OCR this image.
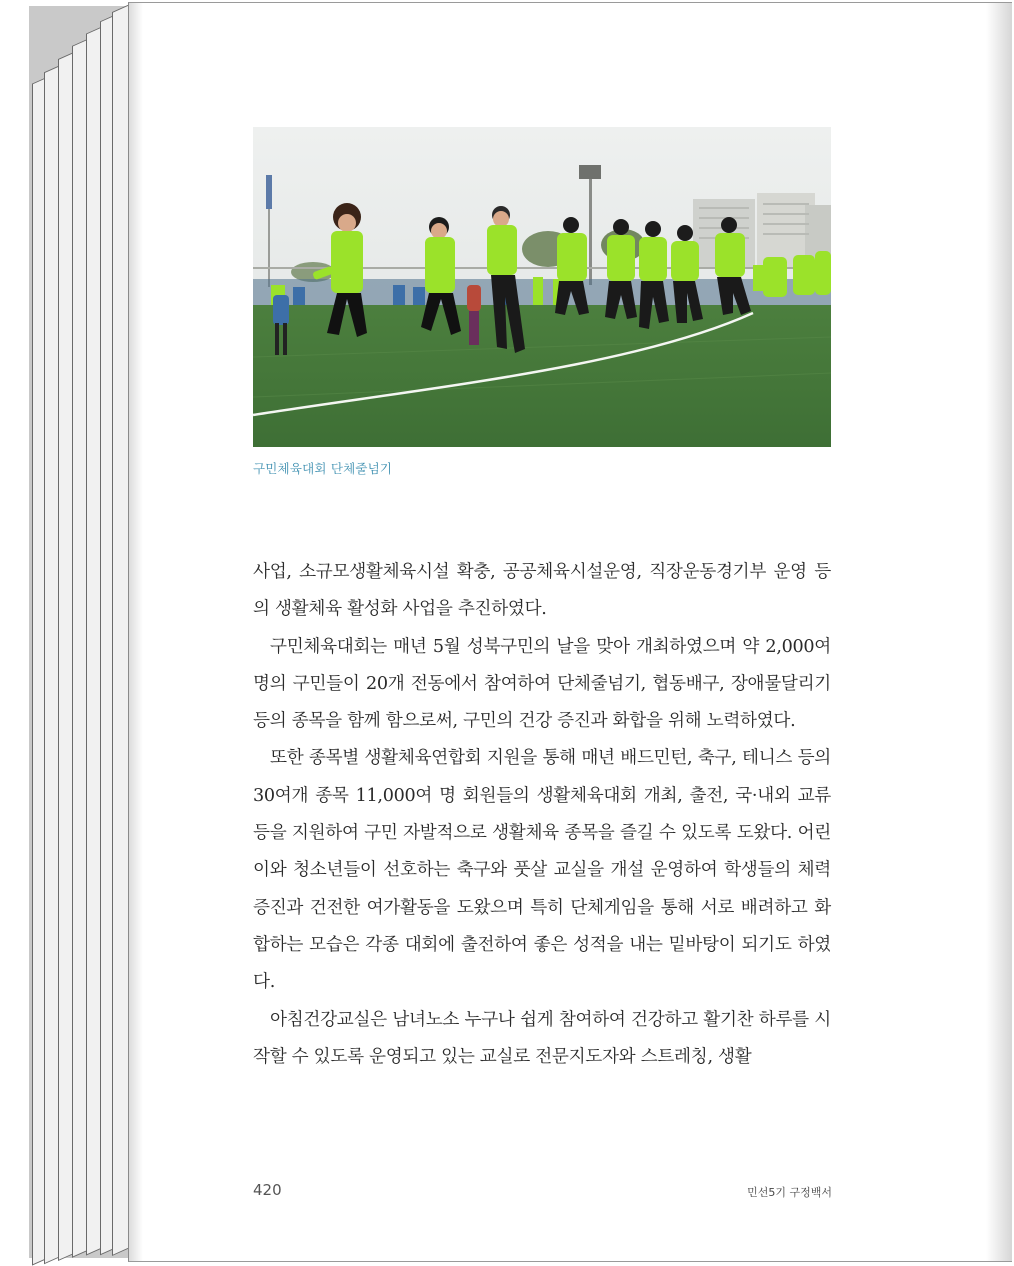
구민체육대회 단체줄넘기

사업, 소규모생활체육시설 확충, 공공체육시설운영, 직장운동경기부 운영 등의 생활체육 활성화 사업을 추진하였다.

구민체육대회는 매년 5월 성북구민의 날을 맞아 개최하였으며 약 2,000여 명의 구민들이 20개 전동에서 참여하여 단체줄넘기, 협동배구, 장애물달리기 등의 종목을 함께 함으로써, 구민의 건강 증진과 화합을 위해 노력하였다.

또한 종목별 생활체육연합회 지원을 통해 매년 배드민턴, 축구, 테니스 등의 30여개 종목 11,000여 명 회원들의 생활체육대회 개최, 출전, 국·내외 교류 등을 지원하여 구민 자발적으로 생활체육 종목을 즐길 수 있도록 도왔다. 어린이와 청소년들이 선호하는 축구와 풋살 교실을 개설 운영하여 학생들의 체력증진과 건전한 여가활동을 도왔으며 특히 단체게임을 통해 서로 배려하고 화합하는 모습은 각종 대회에 출전하여 좋은 성적을 내는 밑바탕이 되기도 하였다.

아침건강교실은 남녀노소 누구나 쉽게 참여하여 건강하고 활기찬 하루를 시작할 수 있도록 운영되고 있는 교실로 전문지도자와 스트레칭, 생활

420	민선5기 구정백서
